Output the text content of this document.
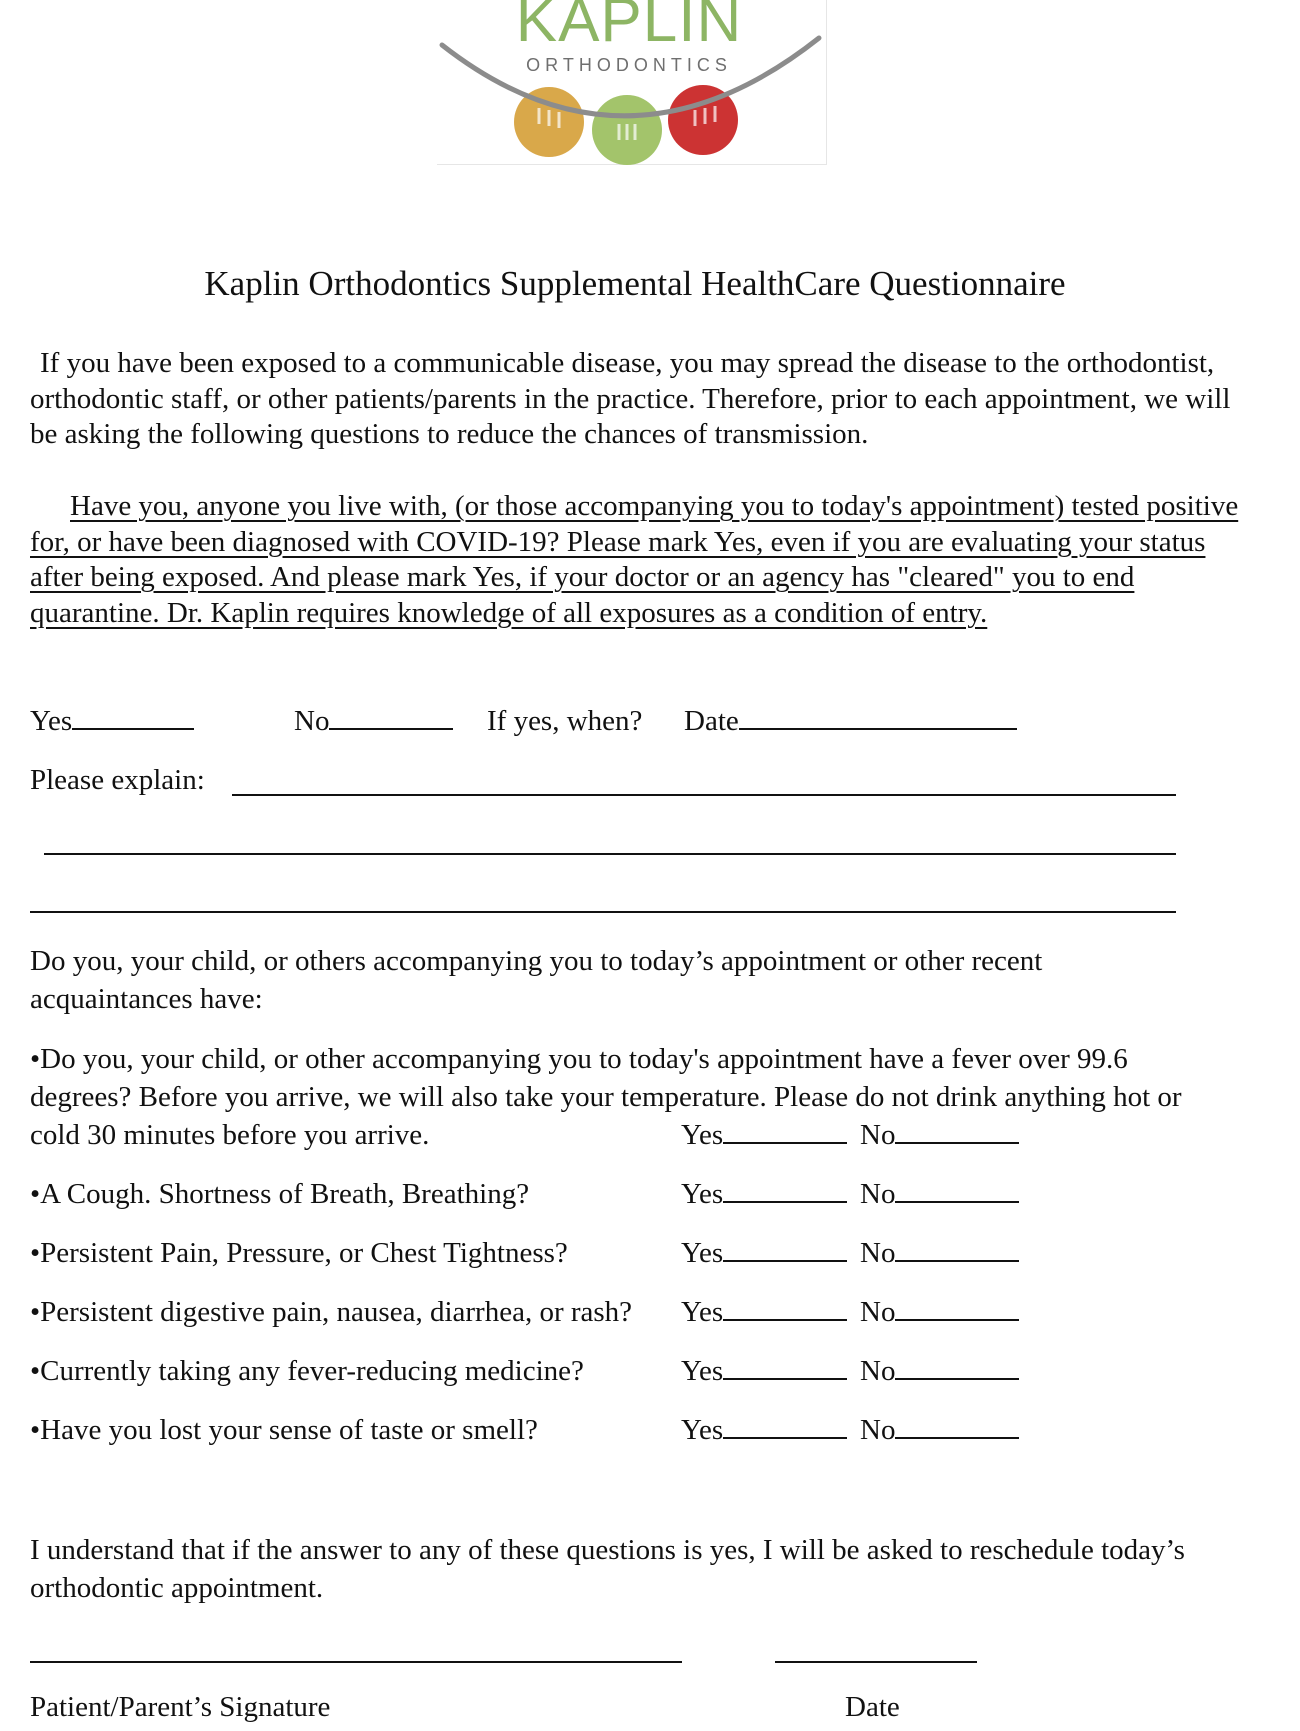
KAPLIN
ORTHODONTICS
Kaplin Orthodontics Supplemental HealthCare Questionnaire
If you have been exposed to a communicable disease, you may spread the disease to the orthodontist, orthodontic staff, or other patients/parents in the practice. Therefore, prior to each appointment, we will be asking the following questions to reduce the chances of transmission.
Have you, anyone you live with, (or those accompanying you to today's appointment) tested positive for, or have been diagnosed with COVID-19? Please mark Yes, even if you are evaluating your status after being exposed. And please mark Yes, if your doctor or an agency has "cleared" you to end quarantine. Dr. Kaplin requires knowledge of all exposures as a condition of entry.
Yes	No	If yes, when? Date
Please explain:
Do you, your child, or others accompanying you to today’s appointment or other recent acquaintances have:
•Do you, your child, or other accompanying you to today's appointment have a fever over 99.6 degrees? Before you arrive, we will also take your temperature. Please do not drink anything hot or cold 30 minutes before you arrive.	Yes	No
•A Cough. Shortness of Breath, Breathing?	Yes	No
•Persistent Pain, Pressure, or Chest Tightness?	Yes	No
•Persistent digestive pain, nausea, diarrhea, or rash? Yes	No
•Currently taking any fever-reducing medicine?	Yes	No
•Have you lost your sense of taste or smell?	Yes	No
I understand that if the answer to any of these questions is yes, I will be asked to reschedule today’s orthodontic appointment.
Patient/Parent’s Signature	Date
